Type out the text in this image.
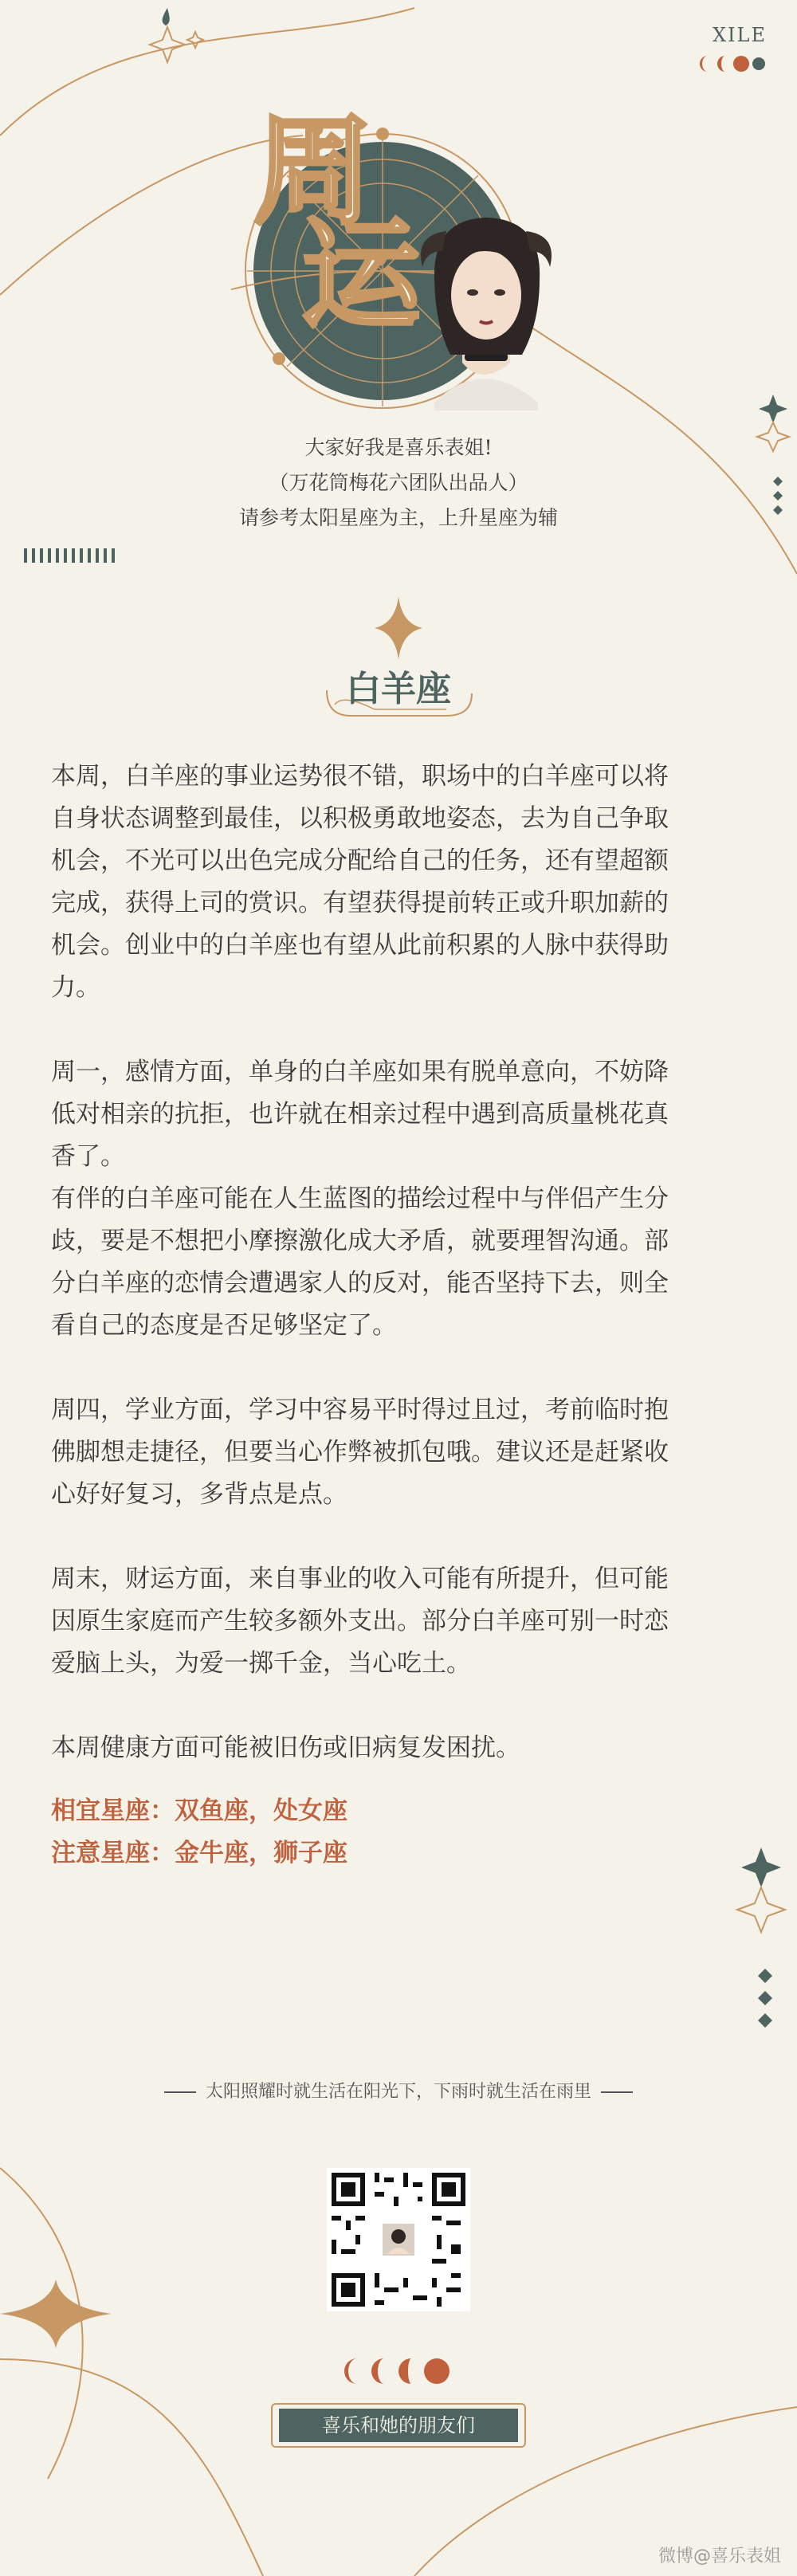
XILE
周
运
大家好我是喜乐表姐!
（万花筒梅花六团队出品人）
请参考太阳星座为主，上升星座为辅
白羊座

本周，白羊座的事业运势很不错，职场中的白羊座可以将

自身状态调整到最佳，以积极勇敢地姿态，去为自己争取

机会，不光可以出色完成分配给自己的任务，还有望超额

完成，获得上司的赏识。有望获得提前转正或升职加薪的

机会。创业中的白羊座也有望从此前积累的人脉中获得助

力。

周一，感情方面，单身的白羊座如果有脱单意向，不妨降

低对相亲的抗拒，也许就在相亲过程中遇到高质量桃花真

香了。

有伴的白羊座可能在人生蓝图的描绘过程中与伴侣产生分

歧，要是不想把小摩擦激化成大矛盾，就要理智沟通。部

分白羊座的恋情会遭遇家人的反对，能否坚持下去，则全

看自己的态度是否足够坚定了。

周四，学业方面，学习中容易平时得过且过，考前临时抱

佛脚想走捷径，但要当心作弊被抓包哦。建议还是赶紧收

心好好复习，多背点是点。

周末，财运方面，来自事业的收入可能有所提升，但可能

因原生家庭而产生较多额外支出。部分白羊座可别一时恋

爱脑上头，为爱一掷千金，当心吃土。

本周健康方面可能被旧伤或旧病复发困扰。

相宜星座：双鱼座，处女座

注意星座：金牛座，狮子座

太阳照耀时就生活在阳光下，下雨时就生活在雨里
喜乐和她的朋友们
微博@喜乐表姐
